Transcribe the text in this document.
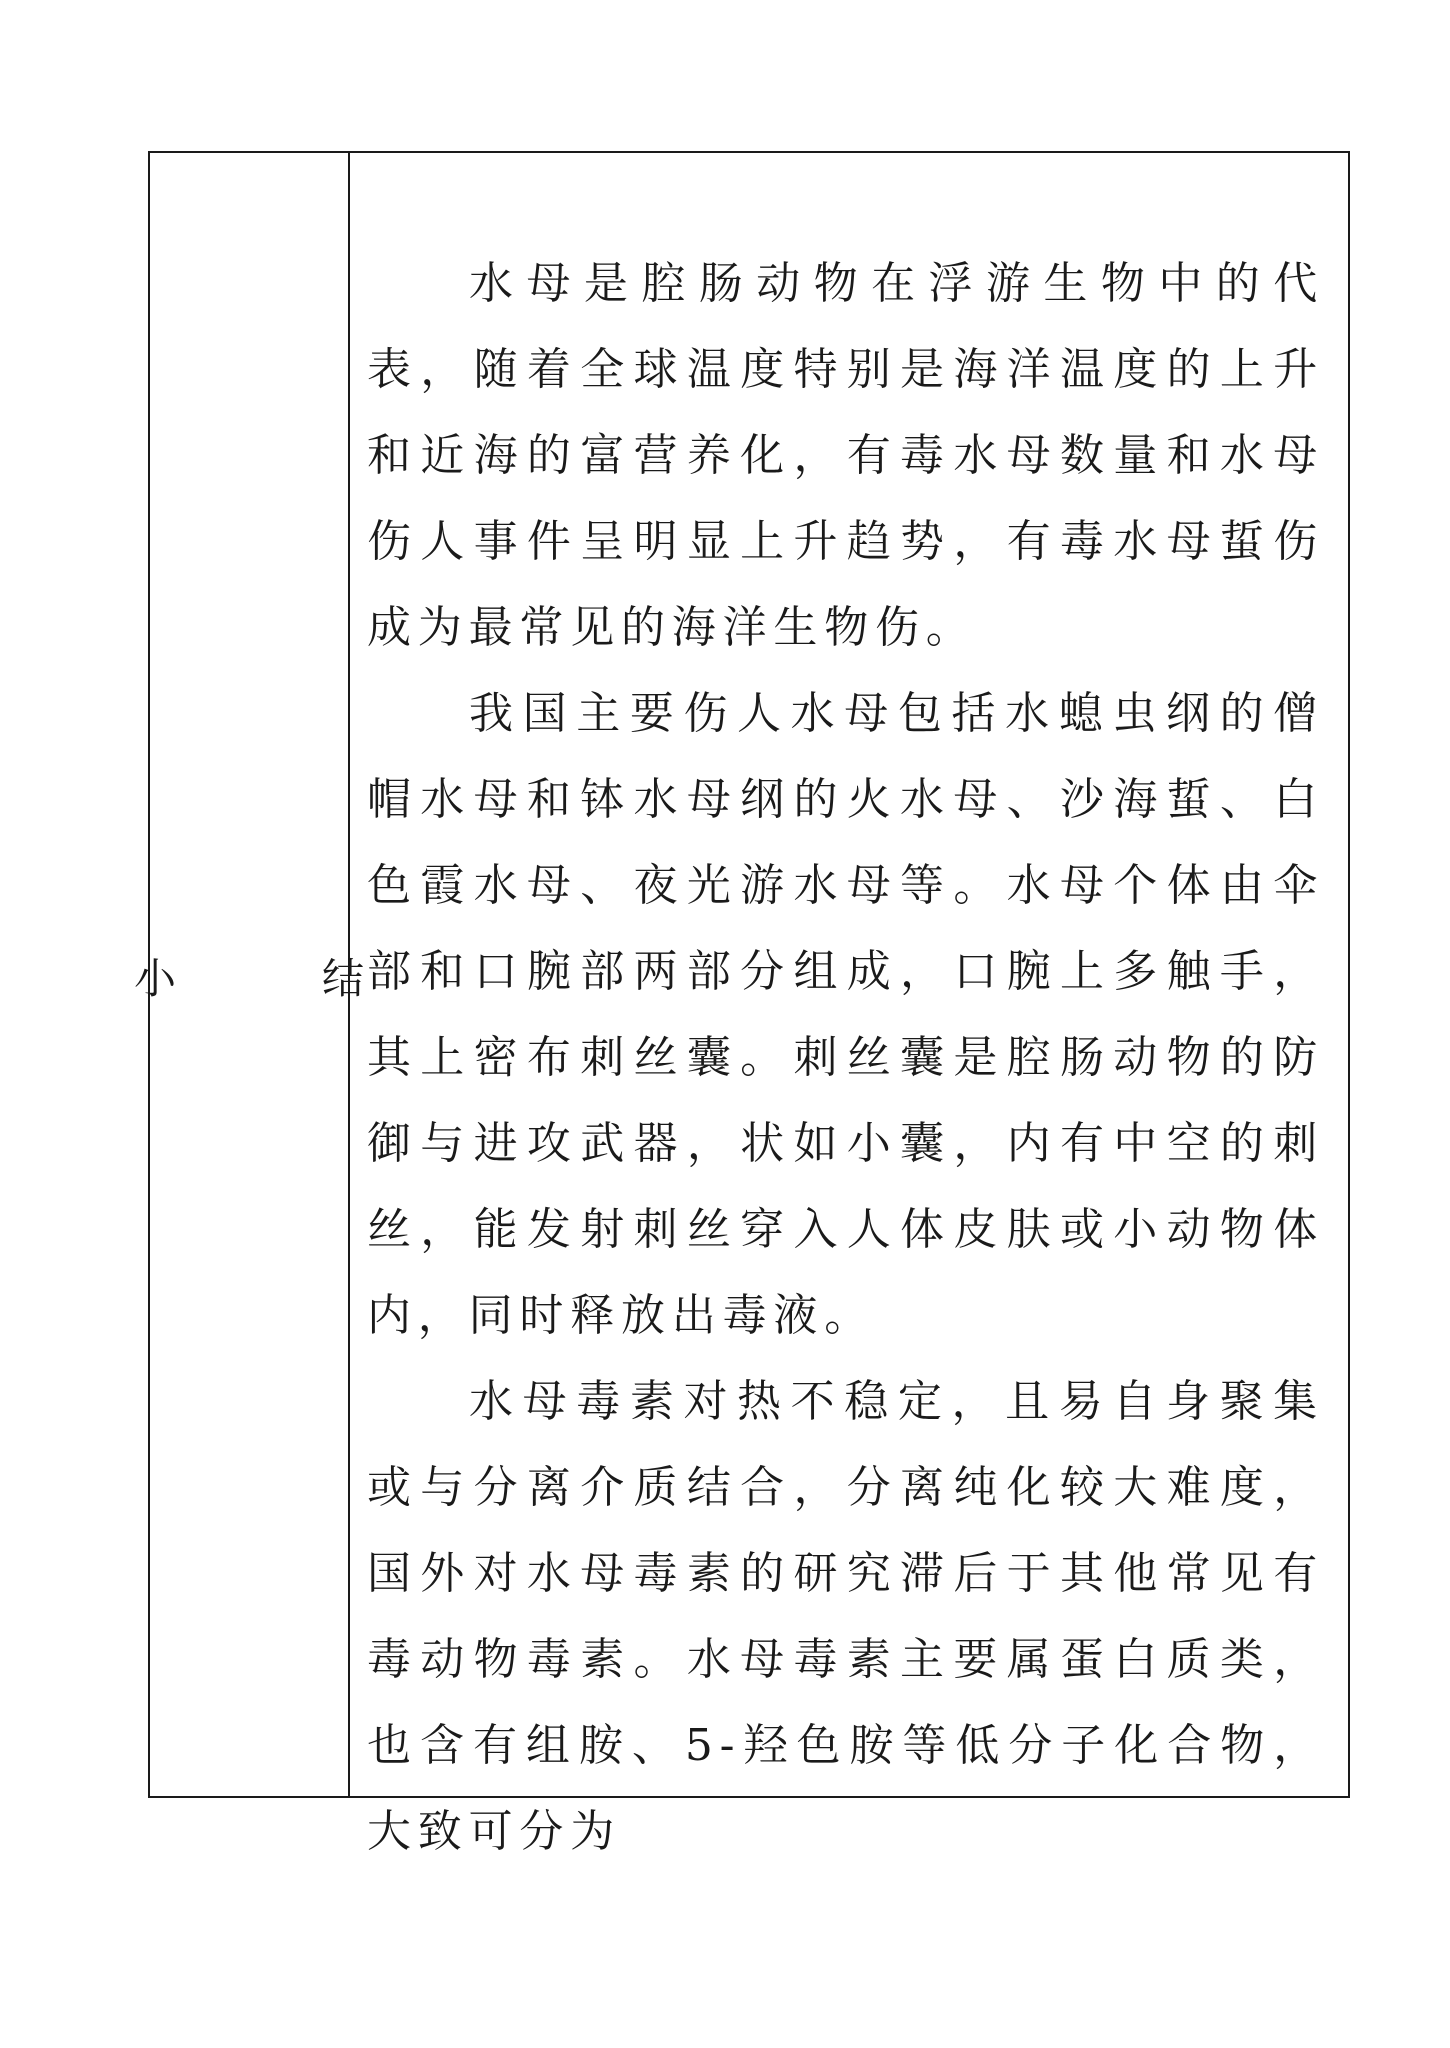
小　结

水母是腔肠动物在浮游生物中的代表，随着全球温度特别是海洋温度的上升和近海的富营养化，有毒水母数量和水母伤人事件呈明显上升趋势，有毒水母蜇伤成为最常见的海洋生物伤。

我国主要伤人水母包括水螅虫纲的僧帽水母和钵水母纲的火水母、沙海蜇、白色霞水母、夜光游水母等。水母个体由伞部和口腕部两部分组成，口腕上多触手，其上密布刺丝囊。刺丝囊是腔肠动物的防御与进攻武器，状如小囊，内有中空的刺丝，能发射刺丝穿入人体皮肤或小动物体内，同时释放出毒液。

水母毒素对热不稳定，且易自身聚集或与分离介质结合，分离纯化较大难度，国外对水母毒素的研究滞后于其他常见有毒动物毒素。水母毒素主要属蛋白质类，也含有组胺、5-羟色胺等低分子化合物，大致可分为
